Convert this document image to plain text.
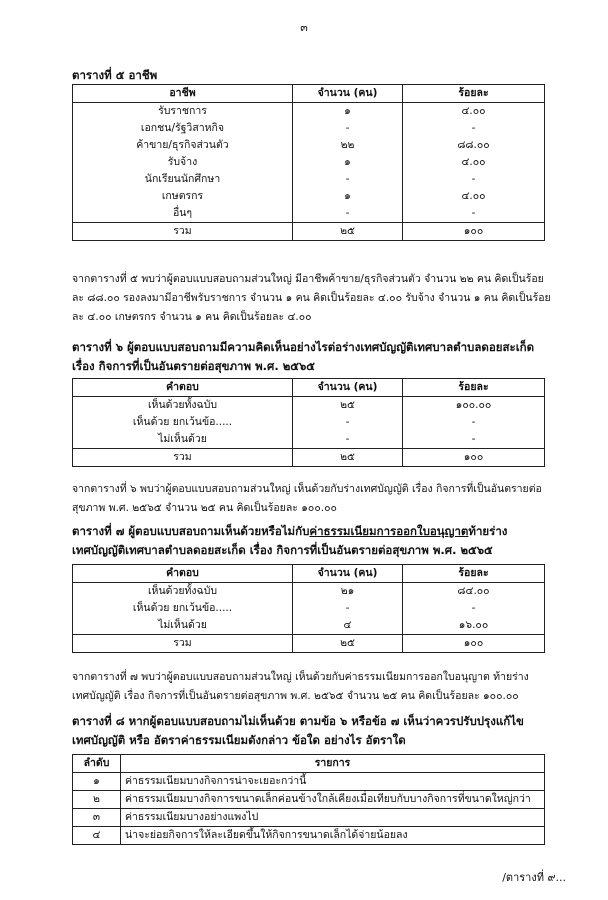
๓
ตารางที่ ๕ อาชีพ
อาชีพ	จำนวน (คน)	ร้อยละ
รับราชการ	๑	๔.๐๐
เอกชน/รัฐวิสาหกิจ	-	-
ค้าขาย/ธุรกิจส่วนตัว	๒๒	๘๘.๐๐
รับจ้าง	๑	๔.๐๐
นักเรียนนักศึกษา	-	-
เกษตรกร	๑	๔.๐๐
อื่นๆ	-	-
รวม	๒๕	๑๐๐
จากตารางที่ ๕ พบว่าผู้ตอบแบบสอบถามส่วนใหญ่ มีอาชีพค้าขาย/ธุรกิจส่วนตัว จำนวน ๒๒ คน คิดเป็นร้อยละ ๘๘.๐๐ รองลงมามีอาชีพรับราชการ จำนวน ๑ คน คิดเป็นร้อยละ ๔.๐๐ รับจ้าง จำนวน ๑ คน คิดเป็นร้อยละ ๔.๐๐ เกษตรกร จำนวน ๑ คน คิดเป็นร้อยละ ๔.๐๐
ตารางที่ ๖ ผู้ตอบแบบสอบถามมีความคิดเห็นอย่างไรต่อร่างเทศบัญญัติเทศบาลตำบลดอยสะเก็ด เรื่อง กิจการที่เป็นอันตรายต่อสุขภาพ พ.ศ. ๒๕๖๕
คำตอบ	จำนวน (คน)	ร้อยละ
เห็นด้วยทั้งฉบับ	๒๕	๑๐๐.๐๐
เห็นด้วย ยกเว้นข้อ.....	-	-
ไม่เห็นด้วย	-	-
รวม	๒๕	๑๐๐
จากตารางที่ ๖ พบว่าผู้ตอบแบบสอบถามส่วนใหญ่ เห็นด้วยกับร่างเทศบัญญัติ เรื่อง กิจการที่เป็นอันตรายต่อสุขภาพ พ.ศ. ๒๕๖๕ จำนวน ๒๕ คน คิดเป็นร้อยละ ๑๐๐.๐๐
ตารางที่ ๗ ผู้ตอบแบบสอบถามเห็นด้วยหรือไม่กับค่าธรรมเนียมการออกใบอนุญาตท้ายร่างเทศบัญญัติเทศบาลตำบลดอยสะเก็ด เรื่อง กิจการที่เป็นอันตรายต่อสุขภาพ พ.ศ. ๒๕๖๕
คำตอบ	จำนวน (คน)	ร้อยละ
เห็นด้วยทั้งฉบับ	๒๑	๘๔.๐๐
เห็นด้วย ยกเว้นข้อ.....	-	-
ไม่เห็นด้วย	๔	๑๖.๐๐
รวม	๒๕	๑๐๐
จากตารางที่ ๗ พบว่าผู้ตอบแบบสอบถามส่วนใหญ่ เห็นด้วยกับค่าธรรมเนียมการออกใบอนุญาต ท้ายร่างเทศบัญญัติ เรื่อง กิจการที่เป็นอันตรายต่อสุขภาพ พ.ศ. ๒๕๖๕ จำนวน ๒๕ คน คิดเป็นร้อยละ ๑๐๐.๐๐
ตารางที่ ๘ หากผู้ตอบแบบสอบถามไม่เห็นด้วย ตามข้อ ๖ หรือข้อ ๗ เห็นว่าควรปรับปรุงแก้ไขเทศบัญญัติ หรือ อัตราค่าธรรมเนียมดังกล่าว ข้อใด อย่างไร อัตราใด
ลำดับ	รายการ
๑	ค่าธรรมเนียมบางกิจการน่าจะเยอะกว่านี้
๒	ค่าธรรมเนียมบางกิจการขนาดเล็กค่อนข้างใกล้เคียงเมื่อเทียบกับบางกิจการที่ขนาดใหญ่กว่า
๓	ค่าธรรมเนียมบางอย่างแพงไป
๔	น่าจะย่อยกิจการให้ละเอียดขึ้นให้กิจการขนาดเล็กได้จ่ายน้อยลง
/ตารางที่ ๙...
